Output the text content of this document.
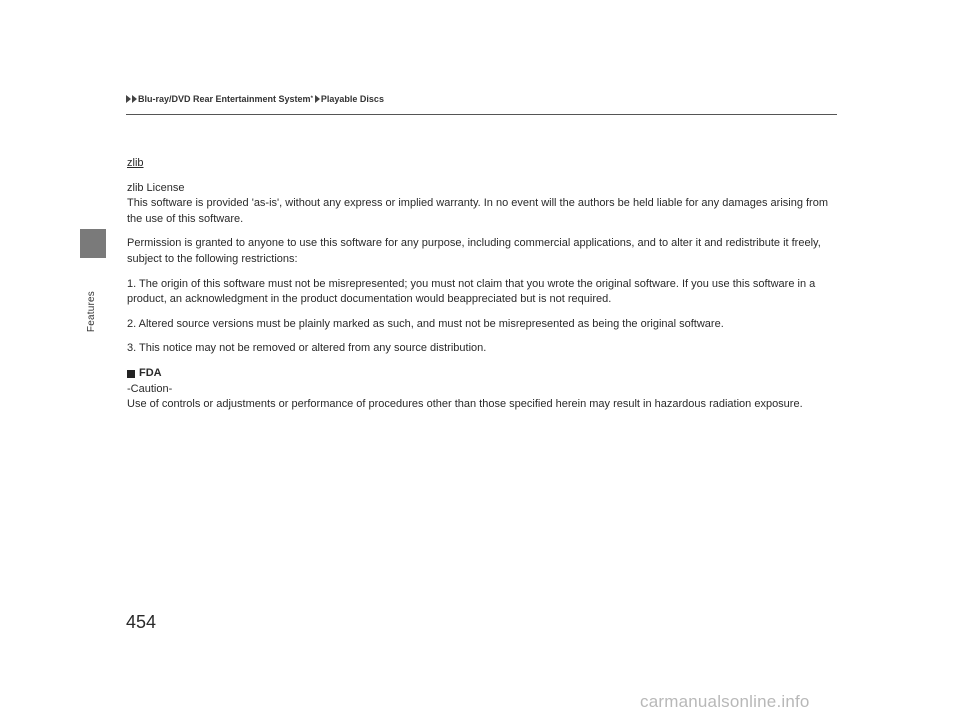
Features
Blu-ray/DVD Rear Entertainment System * Playable Discs

zlib

zlib License

This software is provided 'as-is', without any express or implied warranty. In no event will the authors be held liable for any damages arising from the use of this software.

Permission is granted to anyone to use this software for any purpose, including commercial applications, and to alter it and redistribute it freely, subject to the following restrictions:

1. The origin of this software must not be misrepresented; you must not claim that you wrote the original software. If you use this software in a product, an acknowledgment in the product documentation would beappreciated but is not required.

2. Altered source versions must be plainly marked as such, and must not be misrepresented as being the original software.

3. This notice may not be removed or altered from any source distribution.

FDA

-Caution-

Use of controls or adjustments or performance of procedures other than those specified herein may result in hazardous radiation exposure.

454
carmanualsonline.info
